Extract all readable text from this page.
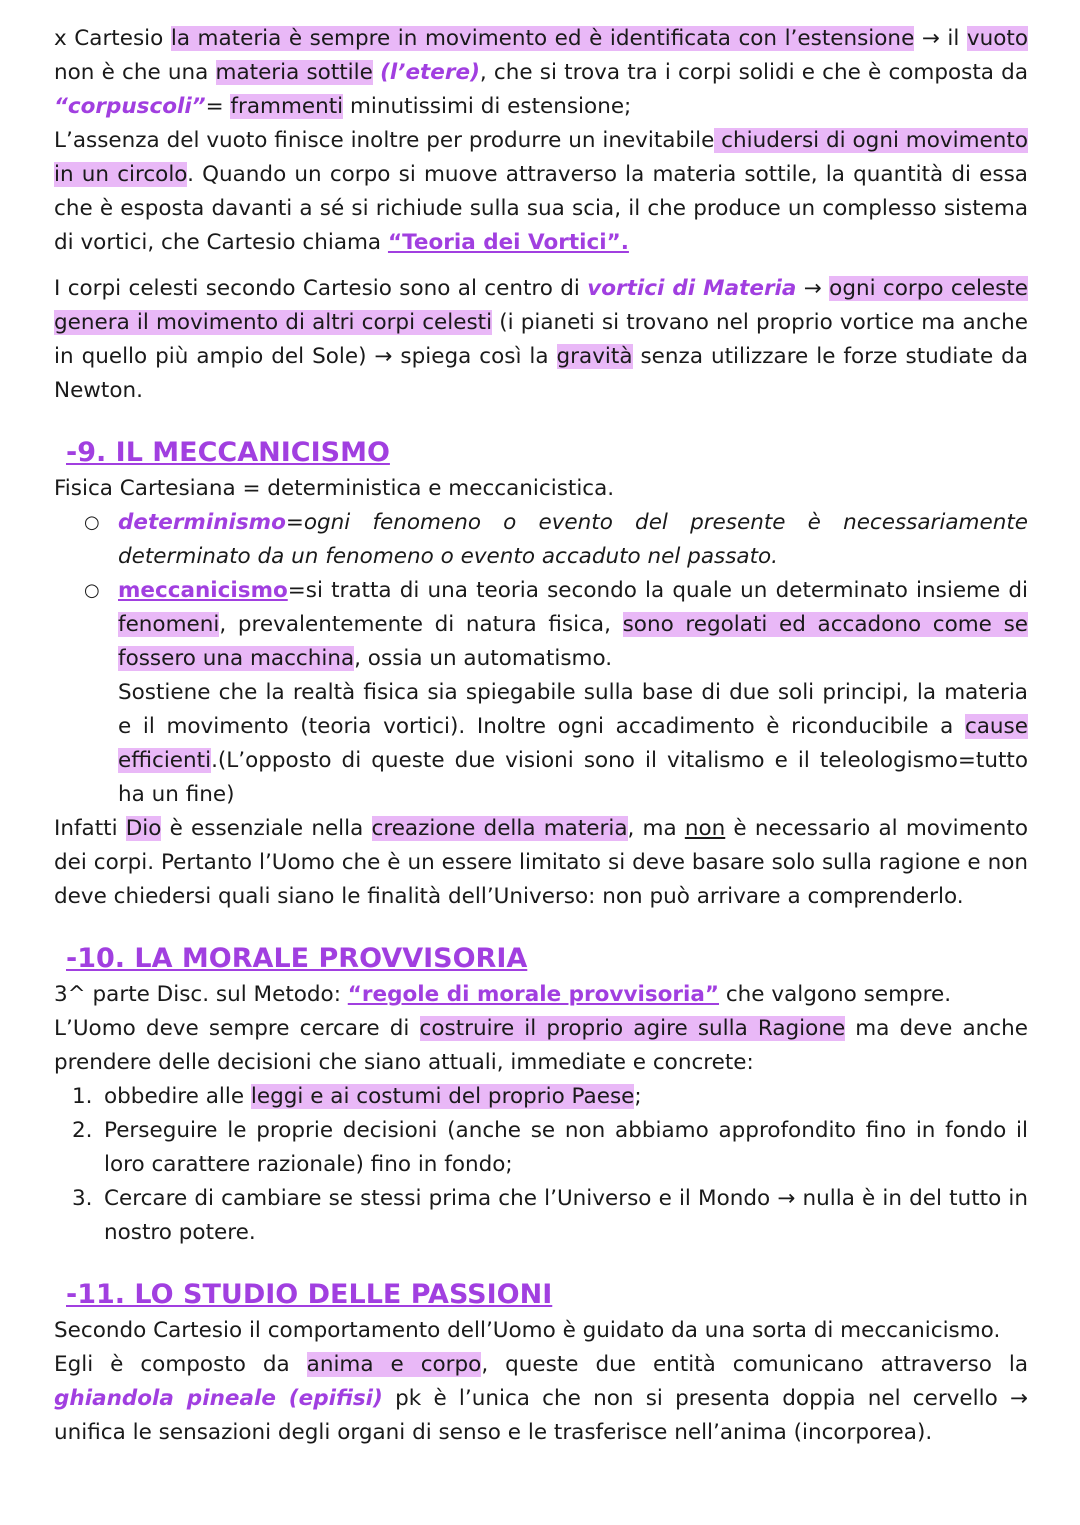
x Cartesio la materia è sempre in movimento ed è identificata con l’estensione → il vuoto non è che una materia sottile (l’etere), che si trova tra i corpi solidi e che è composta da “corpuscoli”= frammenti minutissimi di estensione;

L’assenza del vuoto finisce inoltre per produrre un inevitabile chiudersi di ogni movimento in un circolo. Quando un corpo si muove attraverso la materia sottile, la quantità di essa che è esposta davanti a sé si richiude sulla sua scia, il che produce un complesso sistema di vortici, che Cartesio chiama “Teoria dei Vortici”.

I corpi celesti secondo Cartesio sono al centro di vortici di Materia → ogni corpo celeste genera il movimento di altri corpi celesti (i pianeti si trovano nel proprio vortice ma anche in quello più ampio del Sole) → spiega così la gravità senza utilizzare le forze studiate da Newton.

-9. IL MECCANICISMO

Fisica Cartesiana = deterministica e meccanicistica.

○ determinismo=ogni fenomeno o evento del presente è necessariamente determinato da un fenomeno o evento accaduto nel passato.
○ meccanicismo=si tratta di una teoria secondo la quale un determinato insieme di fenomeni, prevalentemente di natura fisica, sono regolati ed accadono come se fossero una macchina, ossia un automatismo.
Sostiene che la realtà fisica sia spiegabile sulla base di due soli principi, la materia e il movimento (teoria vortici). Inoltre ogni accadimento è riconducibile a cause efficienti.(L’opposto di queste due visioni sono il vitalismo e il teleologismo=tutto ha un fine)

Infatti Dio è essenziale nella creazione della materia, ma non è necessario al movimento dei corpi. Pertanto l’Uomo che è un essere limitato si deve basare solo sulla ragione e non deve chiedersi quali siano le finalità dell’Universo: non può arrivare a comprenderlo.

-10. LA MORALE PROVVISORIA

3^ parte Disc. sul Metodo: “regole di morale provvisoria” che valgono sempre.

L’Uomo deve sempre cercare di costruire il proprio agire sulla Ragione ma deve anche prendere delle decisioni che siano attuali, immediate e concrete:

1. obbedire alle leggi e ai costumi del proprio Paese;
2. Perseguire le proprie decisioni (anche se non abbiamo approfondito fino in fondo il loro carattere razionale) fino in fondo;
3. Cercare di cambiare se stessi prima che l’Universo e il Mondo → nulla è in del tutto in nostro potere.
-11. LO STUDIO DELLE PASSIONI

Secondo Cartesio il comportamento dell’Uomo è guidato da una sorta di meccanicismo.

Egli è composto da anima e corpo, queste due entità comunicano attraverso la ghiandola pineale (epifisi) pk è l’unica che non si presenta doppia nel cervello → unifica le sensazioni degli organi di senso e le trasferisce nell’anima (incorporea).
